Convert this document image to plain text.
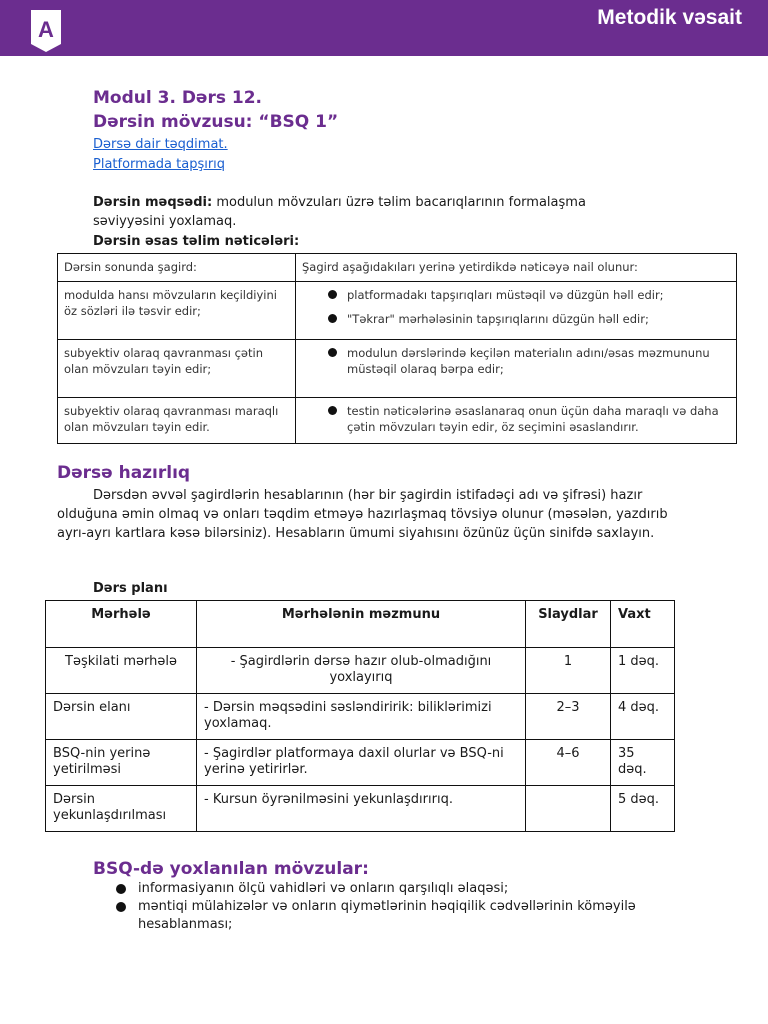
A	Metodik vəsait
Modul 3. Dərs 12.
Dərsin mövzusu: “BSQ 1”
Dərsə dair təqdimat.
Platformada tapşırıq
Dərsin məqsədi: modulun mövzuları üzrə təlim bacarıqlarının formalaşma səviyyəsini yoxlamaq.
Dərsin əsas təlim nəticələri:
Dərsin sonunda şagird:	Şagird aşağıdakıları yerinə yetirdikdə nəticəyə nail olunur:
modulda hansı mövzuların keçildiyini öz sözləri ilə təsvir edir;	platformadakı tapşırıqları müstəqil və düzgün həll edir;
"Təkrar" mərhələsinin tapşırıqlarını düzgün həll edir;

subyektiv olaraq qavranması çətin olan mövzuları təyin edir;	modulun dərslərində keçilən materialın adını/əsas məzmununu müstəqil olaraq bərpa edir;

subyektiv olaraq qavranması maraqlı olan mövzuları təyin edir.	testin nəticələrinə əsaslanaraq onun üçün daha maraqlı və daha çətin mövzuları təyin edir, öz seçimini əsaslandırır.
Dərsə hazırlıq
Dərsdən əvvəl şagirdlərin hesablarının (hər bir şagirdin istifadəçi adı və şifrəsi) hazır olduğuna əmin olmaq və onları təqdim etməyə hazırlaşmaq tövsiyə olunur (məsələn, yazdırıb ayrı-ayrı kartlara kəsə bilərsiniz). Hesabların ümumi siyahısını özünüz üçün sinifdə saxlayın.
Dərs planı
Mərhələ	Mərhələnin məzmunu	Slaydlar	Vaxt
Təşkilati mərhələ	- Şagirdlərin dərsə hazır olub-olmadığını yoxlayırıq	1	1 dəq.
Dərsin elanı	- Dərsin məqsədini səsləndiririk: biliklərimizi yoxlamaq.	2–3	4 dəq.
BSQ-nin yerinə yetirilməsi	- Şagirdlər platformaya daxil olurlar və BSQ-ni yerinə yetirirlər.	4–6	35 dəq.
Dərsin yekunlaşdırılması	- Kursun öyrənilməsini yekunlaşdırırıq.		5 dəq.
BSQ-də yoxlanılan mövzular:
informasiyanın ölçü vahidləri və onların qarşılıqlı əlaqəsi;
məntiqi mülahizələr və onların qiymətlərinin həqiqilik cədvəllərinin köməyilə hesablanması;
